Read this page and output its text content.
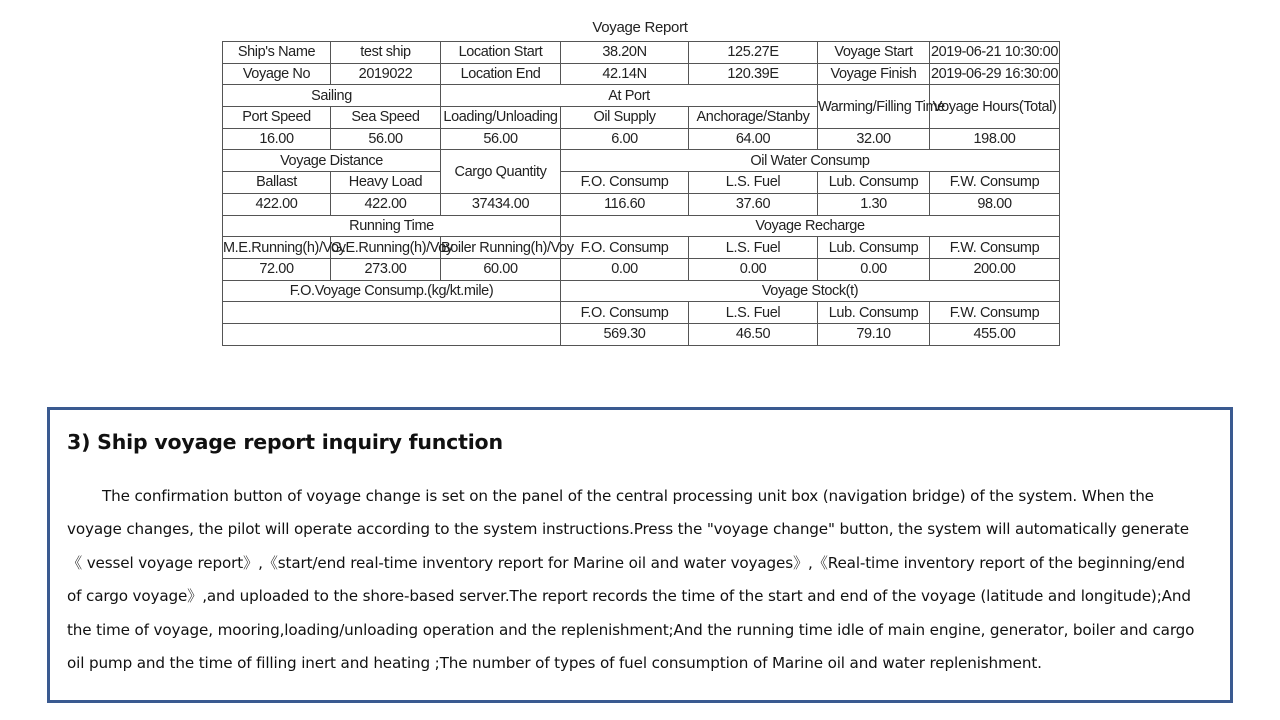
Voyage Report
Ship's Name	test ship	Location Start	38.20N	125.27E	Voyage Start	2019-06-21 10:30:00
Voyage No	2019022	Location End	42.14N	120.39E	Voyage Finish	2019-06-29 16:30:00
Sailing		At Port			Warming/Filling Time	Voyage Hours(Total)
Port Speed	Sea Speed	Loading/Unloading	Oil Supply	Anchorage/Stanby		
16.00	56.00	56.00	6.00	64.00	32.00	198.00
Voyage Distance		Cargo Quantity	Oil Water Consump			
Ballast	Heavy Load		F.O. Consump	L.S. Fuel	Lub. Consump	F.W. Consump
422.00	422.00	37434.00	116.60	37.60	1.30	98.00
Running Time			Voyage Recharge			
M.E.Running(h)/Voy	G.E.Running(h)/Voy	Boiler Running(h)/Voy	F.O. Consump	L.S. Fuel	Lub. Consump	F.W. Consump
72.00	273.00	60.00	0.00	0.00	0.00	200.00
F.O.Voyage Consump.(kg/kt.mile)			Voyage Stock(t)			
			F.O. Consump	L.S. Fuel	Lub. Consump	F.W. Consump
			569.30	46.50	79.10	455.00
3) Ship voyage report inquiry function
The confirmation button of voyage change is set on the panel of the central processing unit box (navigation bridge) of the system. When the
voyage changes, the pilot will operate according to the system instructions.Press the "voyage change" button, the system will automatically generate
《 vessel voyage report》,《start/end real-time inventory report for Marine oil and water voyages》,《Real-time inventory report of the beginning/end
of cargo voyage》,and uploaded to the shore-based server.The report records the time of the start and end of the voyage (latitude and longitude);And
the time of voyage, mooring,loading/unloading operation and the replenishment;And the running time idle of main engine, generator, boiler and cargo
oil pump and the time of filling inert and heating ;The number of types of fuel consumption of Marine oil and water replenishment.
